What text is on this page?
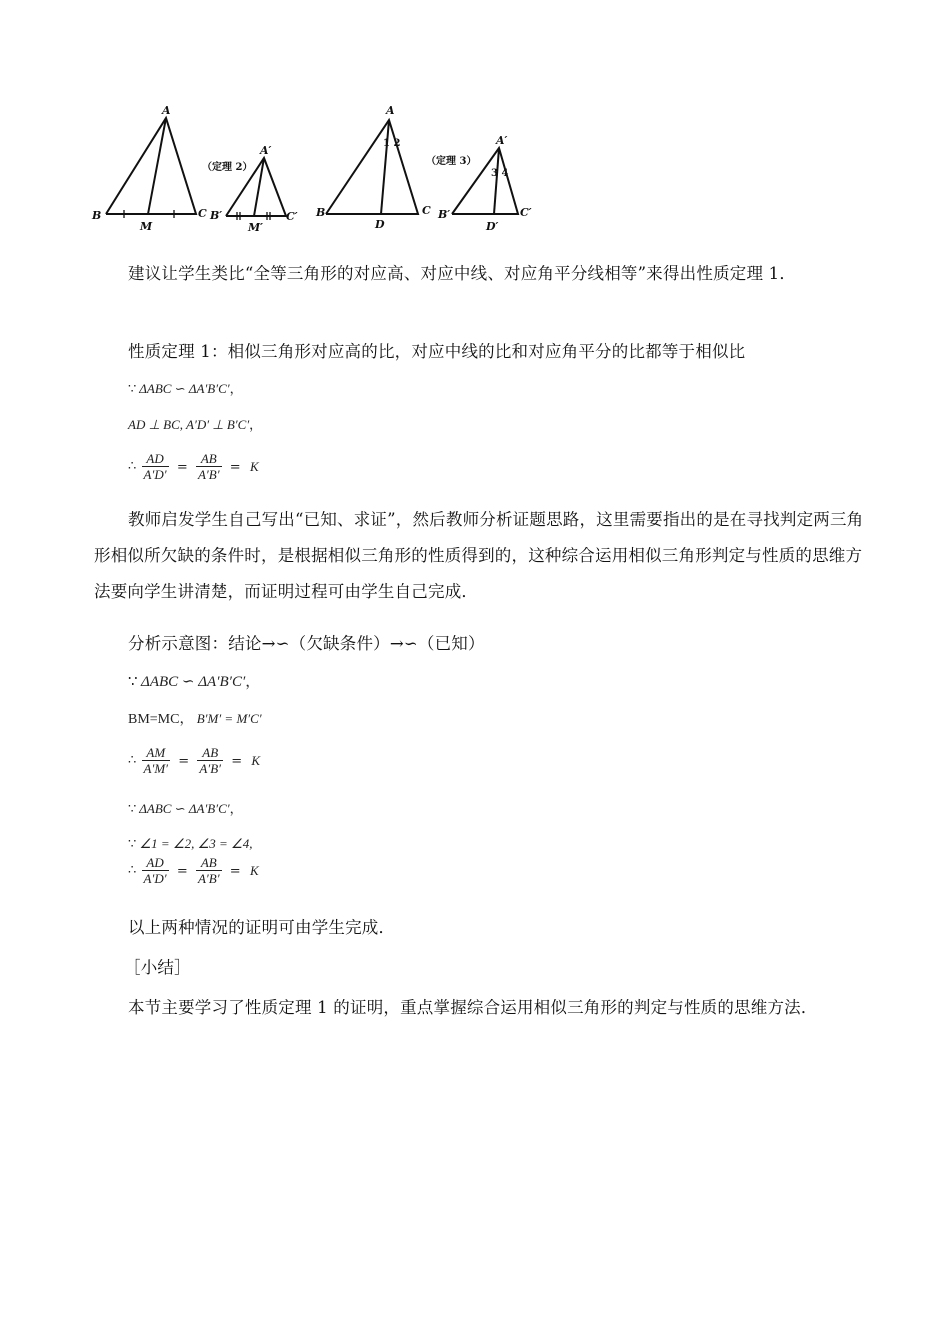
A
B
M
C
A′
B′
M′
C′
A
B
D
C
A′
B′
D′
C′
1 2
3 4
（定理 2）
（定理 3）
建议让学生类比“全等三角形的对应高、对应中线、对应角平分线相等”来得出性质定理 1．
性质定理 1：相似三角形对应高的比，对应中线的比和对应角平分的比都等于相似比
∵ ΔABC ∽ ΔA′B′C′，
AD ⊥ BC, A′D′ ⊥ B′C′，
∴ $\frac{AD}{A'D'} = \frac{AB}{A'B'} = K$
教师启发学生自己写出“已知、求证”，然后教师分析证题思路，这里需要指出的是在寻找判定两三角形相似所欠缺的条件时，是根据相似三角形的性质得到的，这种综合运用相似三角形判定与性质的思维方法要向学生讲清楚，而证明过程可由学生自己完成．
分析示意图：结论→∽（欠缺条件）→∽（已知）
∵ ΔABC ∽ ΔA′B′C′，
BM=MC， B′M′ = M′C′
∴ $\frac{AM}{A'M'} = \frac{AB}{A'B'} = K$
∵ ΔABC ∽ ΔA′B′C′，
∵ ∠1 = ∠2, ∠3 = ∠4,
∴ $\frac{AD}{A'D'} = \frac{AB}{A'B'} = K$
以上两种情况的证明可由学生完成．
［小结］
本节主要学习了性质定理 1 的证明，重点掌握综合运用相似三角形的判定与性质的思维方法．
